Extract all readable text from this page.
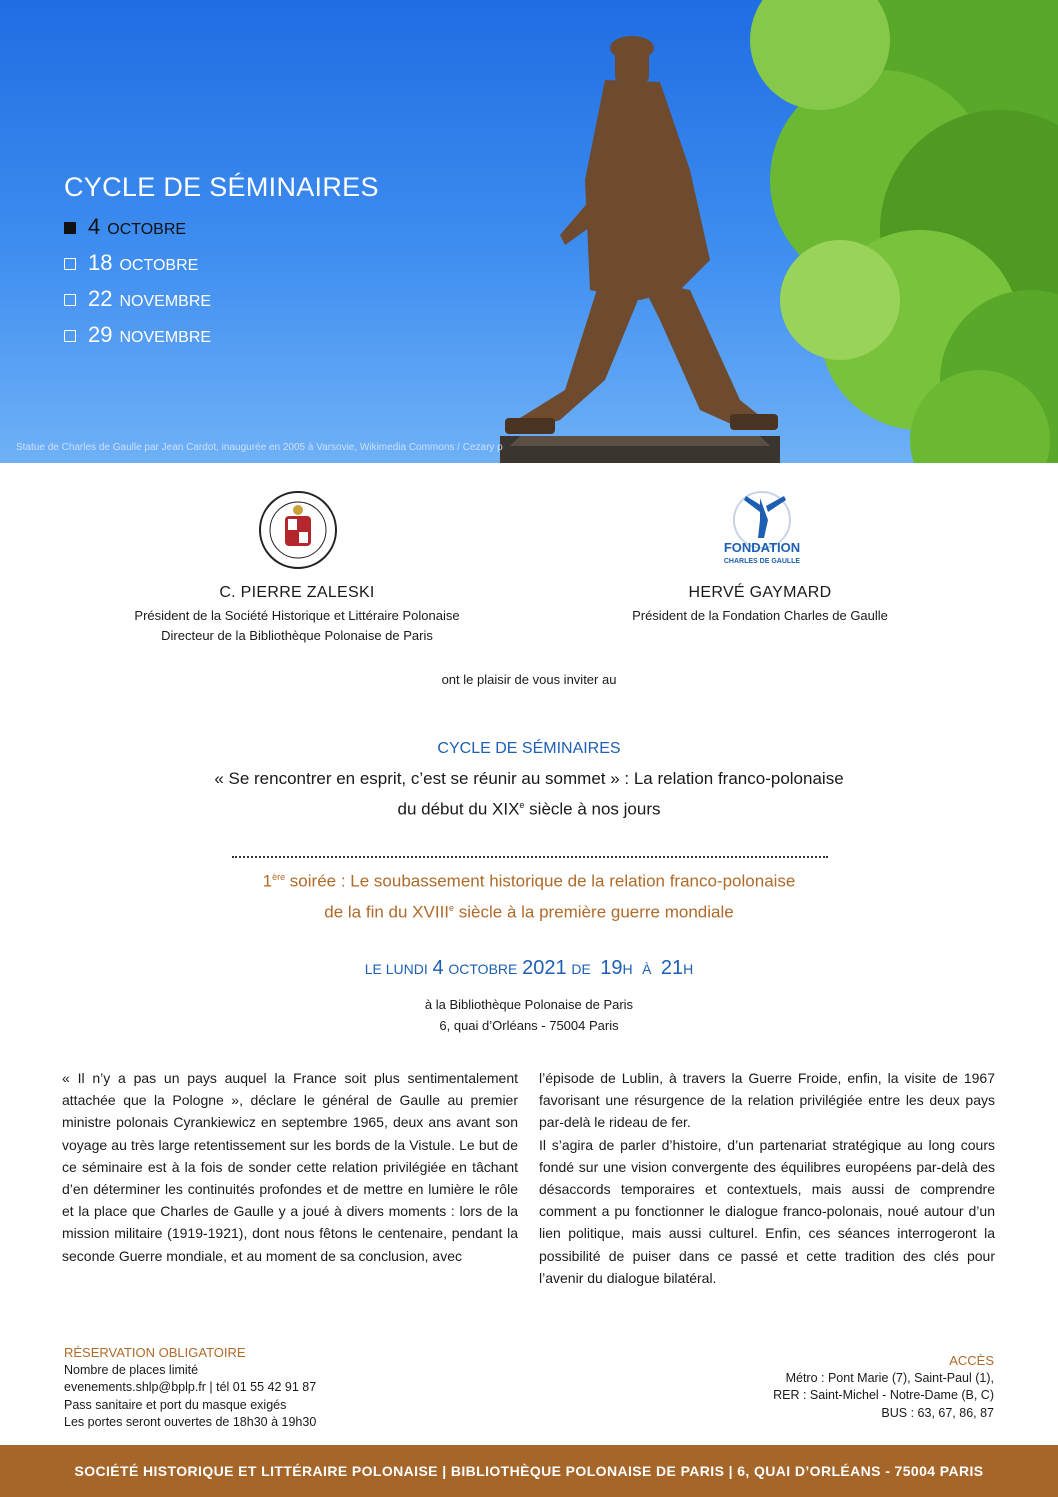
CYCLE DE SÉMINAIRES
4 OCTOBRE
18 OCTOBRE
22 NOVEMBRE
29 NOVEMBRE
Statue de Charles de Gaulle par Jean Cardot, inaugurée en 2005 à Varsovie, Wikimedia Commons / Cezary p
FONDATION
CHARLES DE GAULLE
C. PIERRE ZALESKI
Président de la Société Historique et Littéraire Polonaise
Directeur de la Bibliothèque Polonaise de Paris
HERVÉ GAYMARD
Président de la Fondation Charles de Gaulle
ont le plaisir de vous inviter au
CYCLE DE SÉMINAIRES
« Se rencontrer en esprit, c’est se réunir au sommet » : La relation franco-polonaise
du début du XIXe siècle à nos jours
1ère soirée : Le soubassement historique de la relation franco-polonaise
de la fin du XVIIIe siècle à la première guerre mondiale
LE LUNDI 4 OCTOBRE 2021 DE 19H À 21H
à la Bibliothèque Polonaise de Paris
6, quai d’Orléans - 75004 Paris

« Il n’y a pas un pays auquel la France soit plus sentimentalement attachée que la Pologne », déclare le général de Gaulle au premier ministre polonais Cyrankiewicz en septembre 1965, deux ans avant son voyage au très large retentissement sur les bords de la Vistule. Le but de ce séminaire est à la fois de sonder cette relation privilégiée en tâchant d’en déterminer les continuités profondes et de mettre en lumière le rôle et la place que Charles de Gaulle y a joué à divers moments : lors de la mission militaire (1919-1921), dont nous fêtons le centenaire, pendant la seconde Guerre mondiale, et au moment de sa conclusion, avec

l’épisode de Lublin, à travers la Guerre Froide, enfin, la visite de 1967 favorisant une résurgence de la relation privilégiée entre les deux pays par-delà le rideau de fer.

Il s’agira de parler d’histoire, d’un partenariat stratégique au long cours fondé sur une vision convergente des équilibres européens par-delà des désaccords temporaires et contextuels, mais aussi de comprendre comment a pu fonctionner le dialogue franco-polonais, noué autour d’un lien politique, mais aussi culturel. Enfin, ces séances interrogeront la possibilité de puiser dans ce passé et cette tradition des clés pour l’avenir du dialogue bilatéral.

RÉSERVATION OBLIGATOIRE
Nombre de places limité
evenements.shlp@bplp.fr | tél 01 55 42 91 87
Pass sanitaire et port du masque exigés
Les portes seront ouvertes de 18h30 à 19h30
ACCÈS
Métro : Pont Marie (7), Saint-Paul (1),
RER : Saint-Michel - Notre-Dame (B, C)
BUS : 63, 67, 86, 87
SOCIÉTÉ HISTORIQUE ET LITTÉRAIRE POLONAISE | BIBLIOTHÈQUE POLONAISE DE PARIS | 6, QUAI D’ORLÉANS - 75004 PARIS
